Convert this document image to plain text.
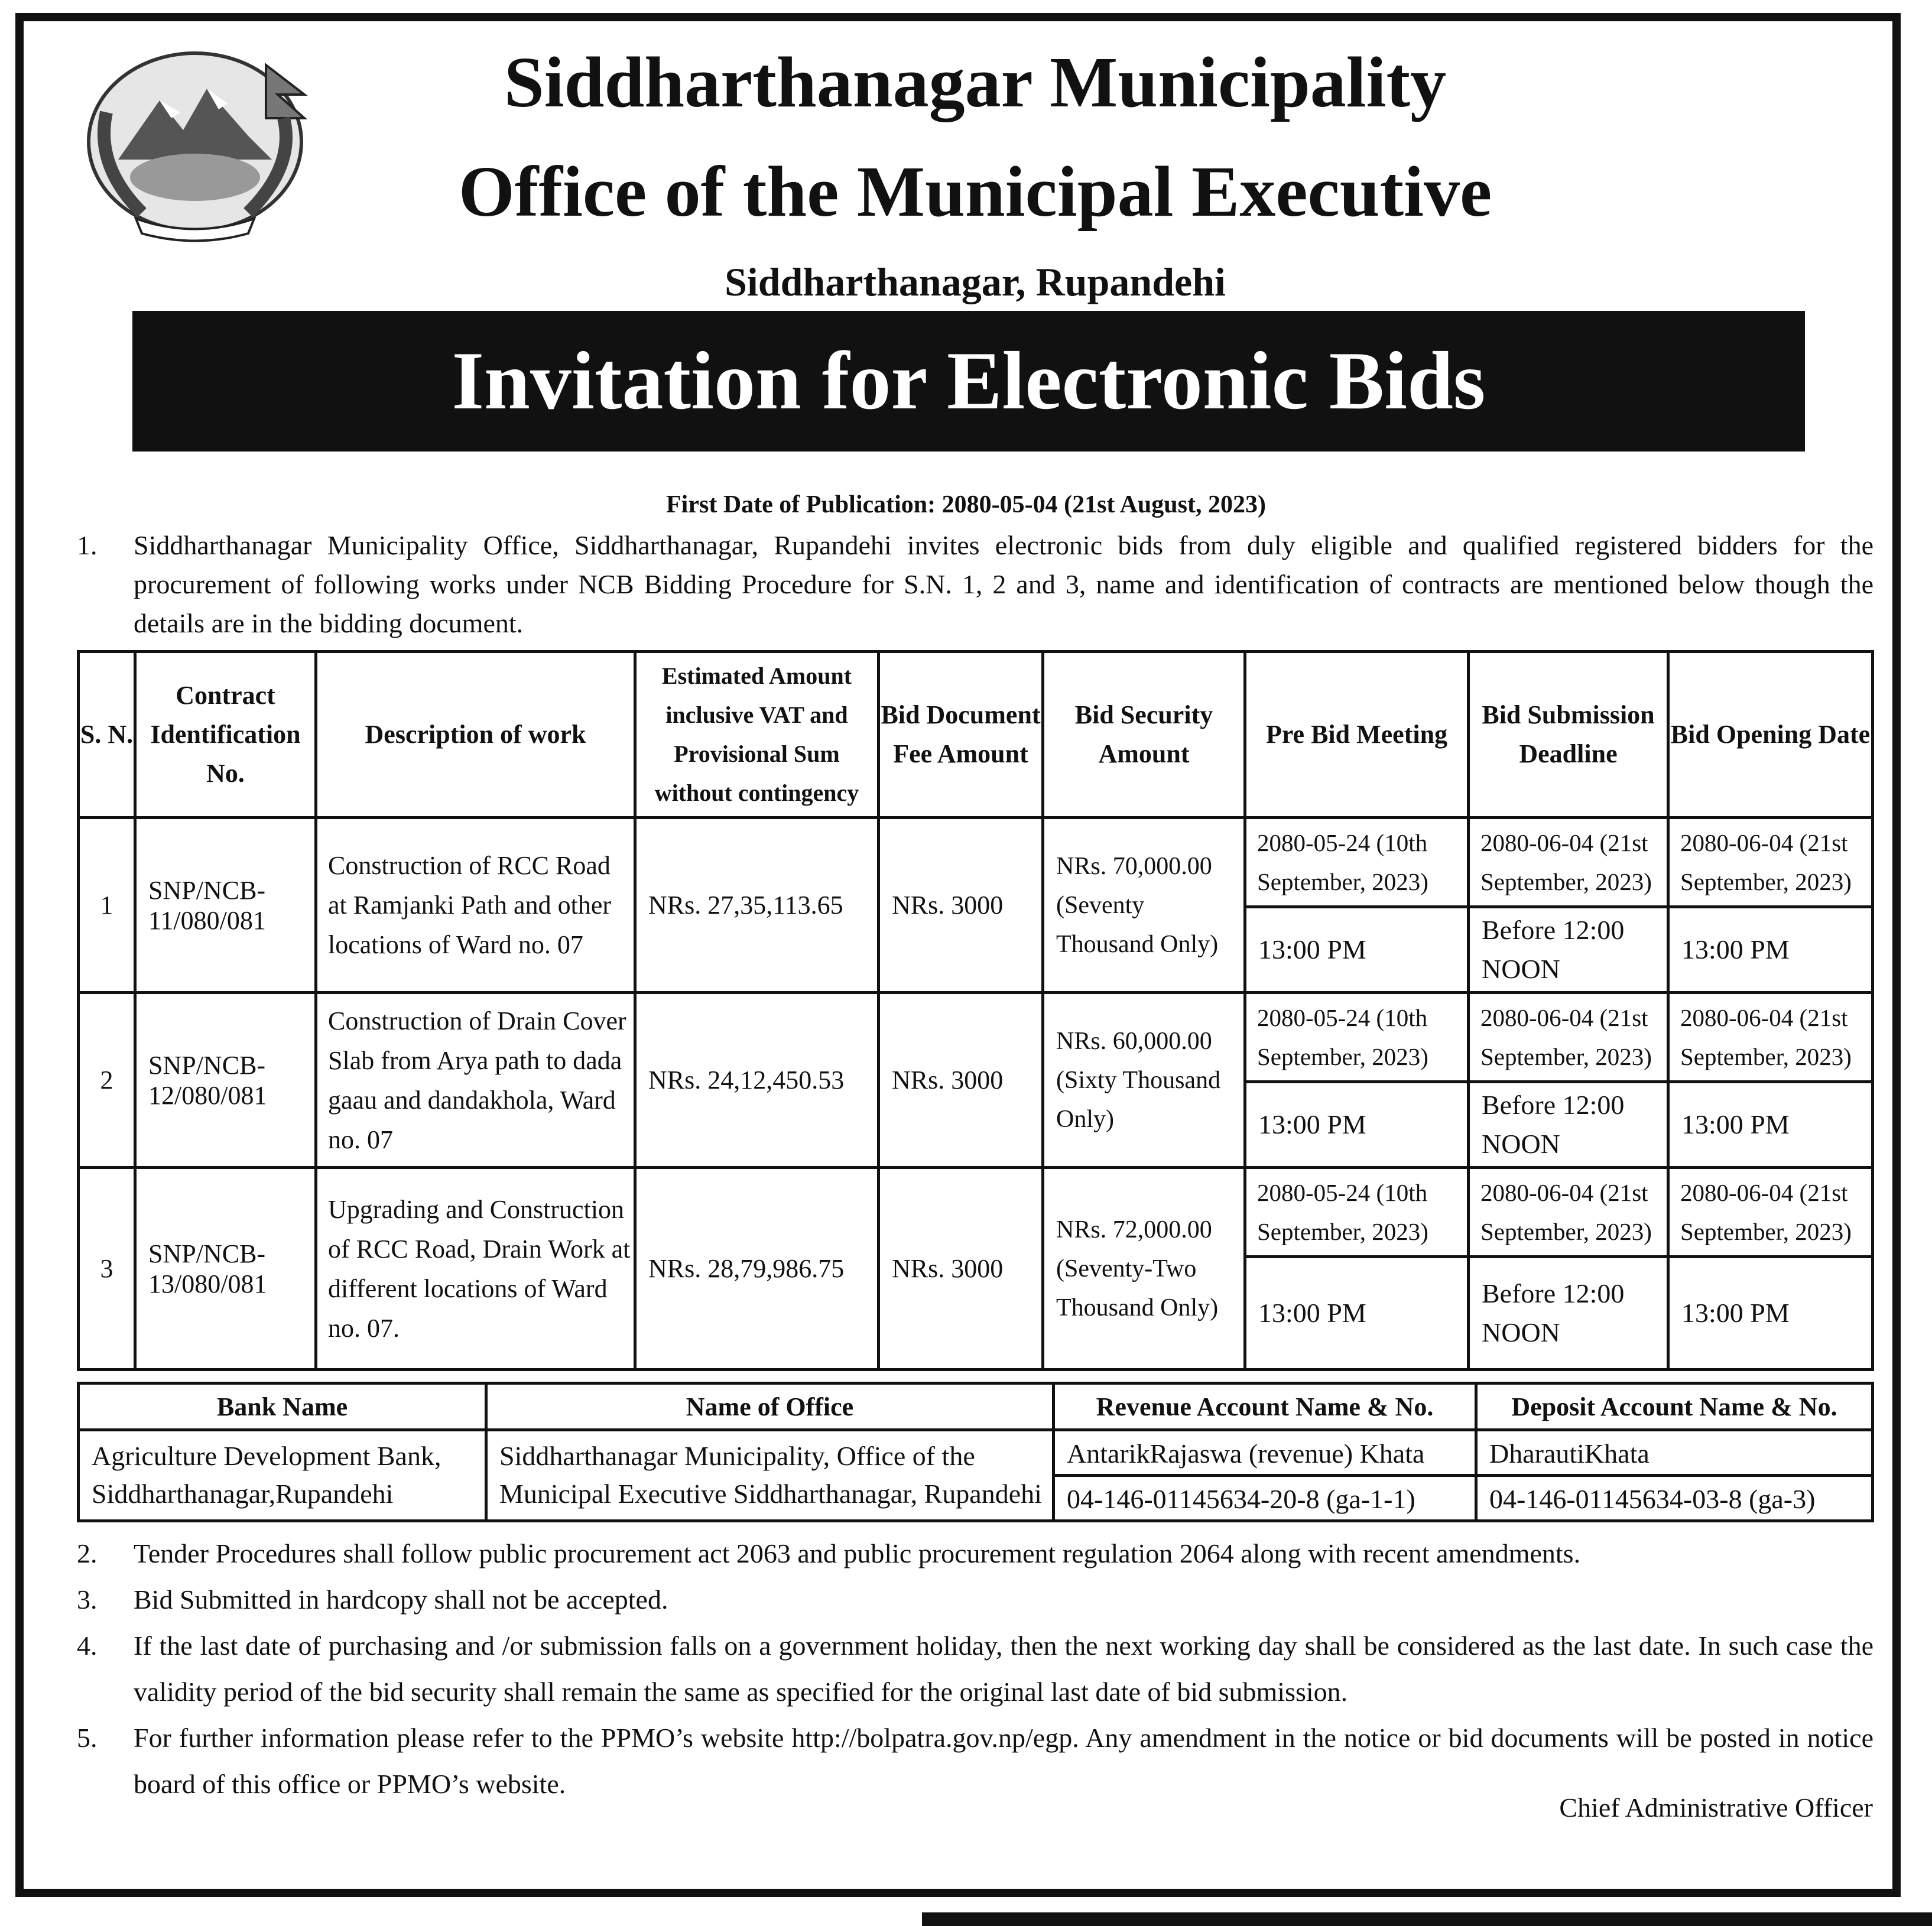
Siddharthanagar Municipality
Office of the Municipal Executive
Siddharthanagar, Rupandehi
Invitation for Electronic Bids
First Date of Publication: 2080-05-04 (21st August, 2023)
1. Siddharthanagar Municipality Office, Siddharthanagar, Rupandehi invites electronic bids from duly eligible and qualified registered bidders for the procurement of following works under NCB Bidding Procedure for S.N. 1, 2 and 3, name and identification of contracts are mentioned below though the details are in the bidding document.
S. N.	Contract Identification No.	Description of work	Estimated Amount inclusive VAT and Provisional Sum without contingency	Bid Document Fee Amount	Bid Security Amount	Pre Bid Meeting	Bid Submission Deadline	Bid Opening Date
1	SNP/NCB-11/080/081	Construction of RCC Road at Ramjanki Path and other locations of Ward no. 07	NRs. 27,35,113.65	NRs. 3000	NRs. 70,000.00 (Seventy Thousand Only)	2080-05-24 (10th September, 2023)	2080-06-04 (21st September, 2023)	2080-06-04 (21st September, 2023)
						13:00 PM	Before 12:00 NOON	13:00 PM
2	SNP/NCB-12/080/081	Construction of Drain Cover Slab from Arya path to dada gaau and dandakhola, Ward no. 07	NRs. 24,12,450.53	NRs. 3000	NRs. 60,000.00 (Sixty Thousand Only)	2080-05-24 (10th September, 2023)	2080-06-04 (21st September, 2023)	2080-06-04 (21st September, 2023)
						13:00 PM	Before 12:00 NOON	13:00 PM
3	SNP/NCB-13/080/081	Upgrading and Construction of RCC Road, Drain Work at different locations of Ward no. 07.	NRs. 28,79,986.75	NRs. 3000	NRs. 72,000.00 (Seventy-Two Thousand Only)	2080-05-24 (10th September, 2023)	2080-06-04 (21st September, 2023)	2080-06-04 (21st September, 2023)
						13:00 PM	Before 12:00 NOON	13:00 PM
Bank Name	Name of Office	Revenue Account Name & No.	Deposit Account Name & No.
Agriculture Development Bank, Siddharthanagar,Rupandehi	Siddharthanagar Municipality, Office of the Municipal Executive Siddharthanagar, Rupandehi	AntarikRajaswa (revenue) Khata	DharautiKhata
		04-146-01145634-20-8 (ga-1-1)	04-146-01145634-03-8 (ga-3)
2. Tender Procedures shall follow public procurement act 2063 and public procurement regulation 2064 along with recent amendments.
3. Bid Submitted in hardcopy shall not be accepted.
4. If the last date of purchasing and /or submission falls on a government holiday, then the next working day shall be considered as the last date. In such case the validity period of the bid security shall remain the same as specified for the original last date of bid submission.
5. For further information please refer to the PPMO’s website http://bolpatra.gov.np/egp. Any amendment in the notice or bid documents will be posted in notice board of this office or PPMO’s website.
Chief Administrative Officer
